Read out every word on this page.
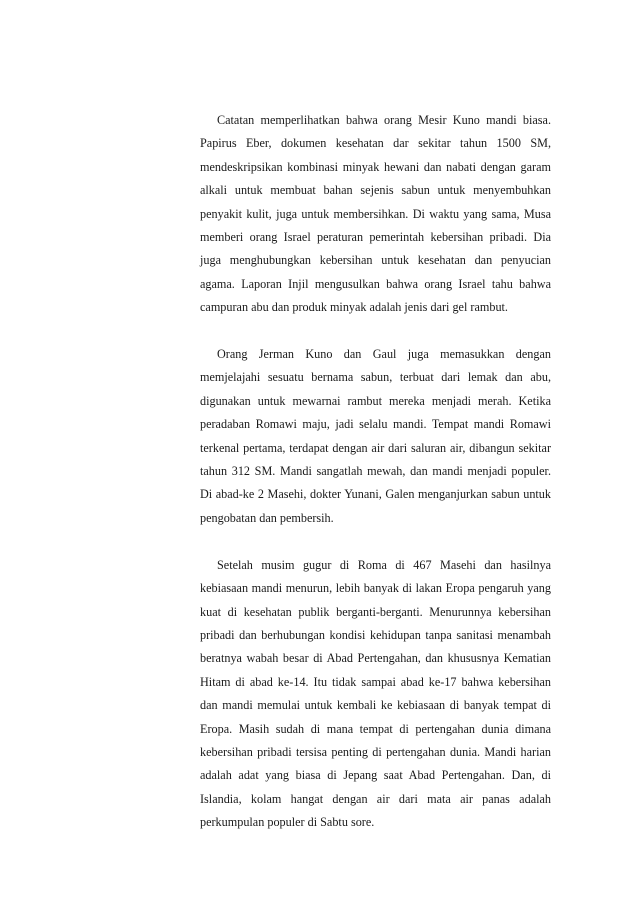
Catatan memperlihatkan bahwa orang Mesir Kuno mandi biasa. Papirus Eber, dokumen kesehatan dar sekitar tahun 1500 SM, mendeskripsikan kombinasi minyak hewani dan nabati dengan garam alkali untuk membuat bahan sejenis sabun untuk menyembuhkan penyakit kulit, juga untuk membersihkan. Di waktu yang sama, Musa memberi orang Israel peraturan pemerintah kebersihan pribadi. Dia juga menghubungkan kebersihan untuk kesehatan dan penyucian agama. Laporan Injil mengusulkan bahwa orang Israel tahu bahwa campuran abu dan produk minyak adalah jenis dari gel rambut.

Orang Jerman Kuno dan Gaul juga memasukkan dengan memjelajahi sesuatu bernama sabun, terbuat dari lemak dan abu, digunakan untuk mewarnai rambut mereka menjadi merah. Ketika peradaban Romawi maju, jadi selalu mandi. Tempat mandi Romawi terkenal pertama, terdapat dengan air dari saluran air, dibangun sekitar tahun 312 SM. Mandi sangatlah mewah, dan mandi menjadi populer. Di abad-ke 2 Masehi, dokter Yunani, Galen menganjurkan sabun untuk pengobatan dan pembersih.

Setelah musim gugur di Roma di 467 Masehi dan hasilnya kebiasaan mandi menurun, lebih banyak di lakan Eropa pengaruh yang kuat di kesehatan publik berganti-berganti. Menurunnya kebersihan pribadi dan berhubungan kondisi kehidupan tanpa sanitasi menambah beratnya wabah besar di Abad Pertengahan, dan khususnya Kematian Hitam di abad ke-14. Itu tidak sampai abad ke-17 bahwa kebersihan dan mandi memulai untuk kembali ke kebiasaan di banyak tempat di Eropa. Masih sudah di mana tempat di pertengahan dunia dimana kebersihan pribadi tersisa penting di pertengahan dunia. Mandi harian adalah adat yang biasa di Jepang saat Abad Pertengahan. Dan, di Islandia, kolam hangat dengan air dari mata air panas adalah perkumpulan populer di Sabtu sore.
